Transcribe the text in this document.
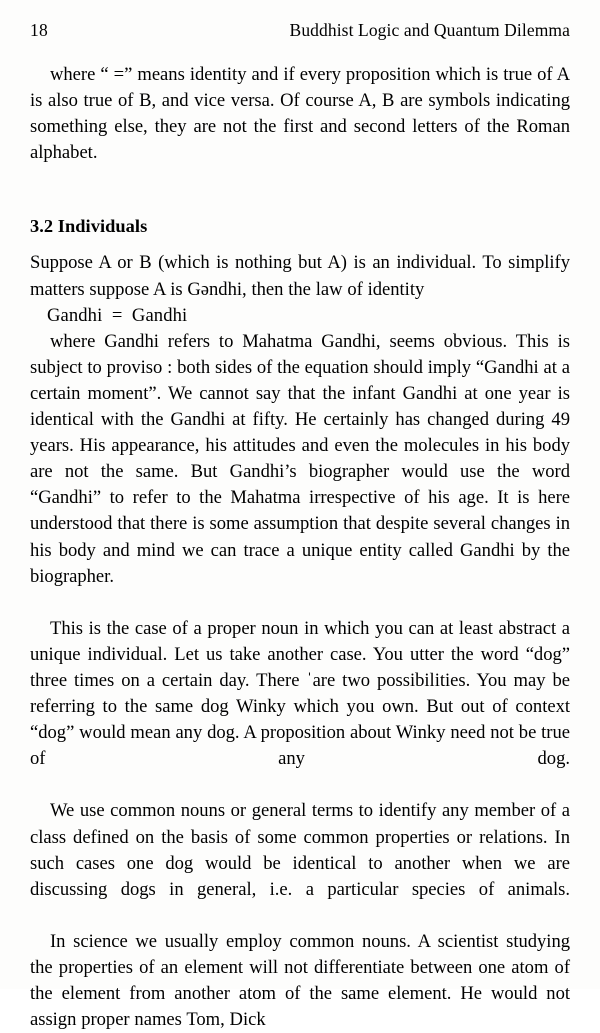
18	Buddhist Logic and Quantum Dilemma

where “ =” means identity and if every proposition which is true of A is also true of B, and vice versa. Of course A, B are symbols indicating something else, they are not the first and second letters of the Roman alphabet.

3.2 Individuals

Suppose A or B (which is nothing but A) is an individual. To simplify matters suppose A is Gəndhi, then the law of identity

Gandhi  =  Gandhi

where Gandhi refers to Mahatma Gandhi, seems obvious. This is subject to proviso : both sides of the equation should imply “Gandhi at a certain moment”. We cannot say that the infant Gandhi at one year is identical with the Gandhi at fifty. He certainly has changed during 49 years. His appearance, his attitudes and even the molecules in his body are not the same. But Gandhi’s biographer would use the word “Gandhi” to refer to the Mahatma irrespective of his age. It is here understood that there is some assumption that despite several changes in his body and mind we can trace a unique entity called Gandhi by the biographer.

This is the case of a proper noun in which you can at least abstract a unique individual. Let us take another case. You utter the word “dog” three times on a certain day. There ˈare two possibilities. You may be referring to the same dog Winky which you own. But out of context “dog” would mean any dog. A proposition about Winky need not be true of any dog.

We use common nouns or general terms to identify any member of a class defined on the basis of some common properties or relations. In such cases one dog would be identical to another when we are discussing dogs in general, i.e. a particular species of animals.

In science we usually employ common nouns. A scientist studying the properties of an element will not differentiate between one atom of the element from another atom of the same element. He would not assign proper names Tom, Dick
